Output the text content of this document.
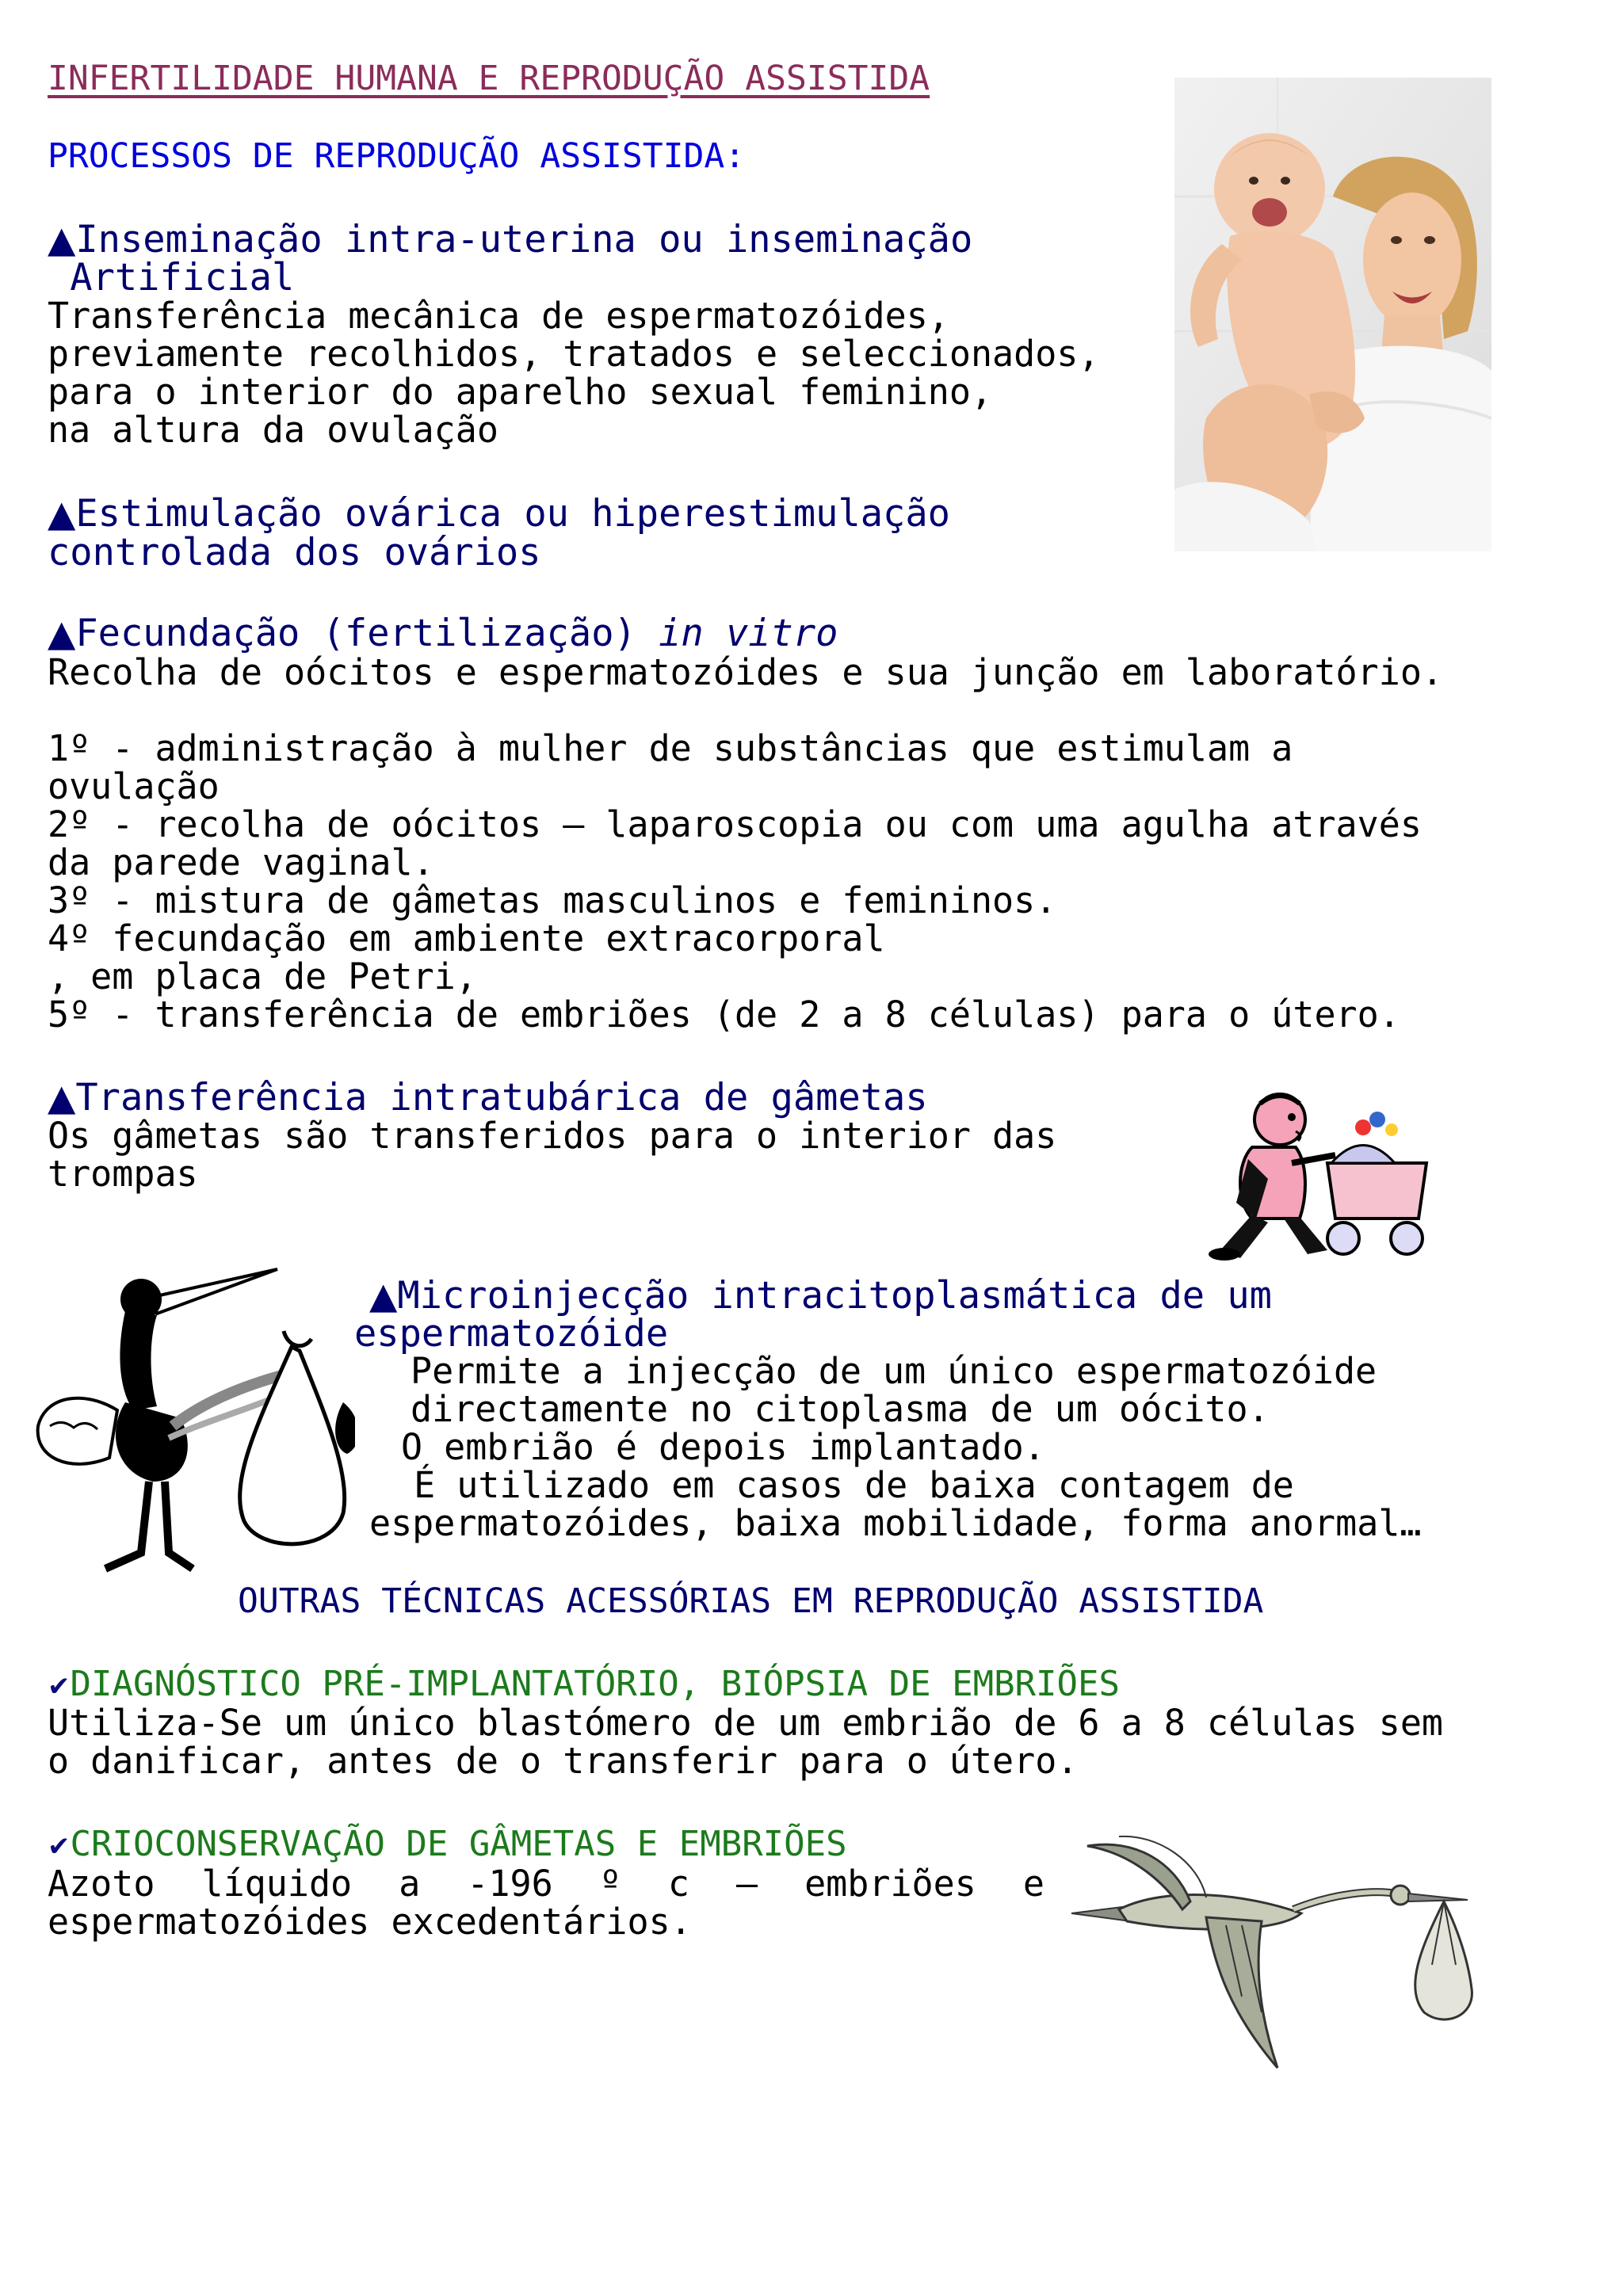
INFERTILIDADE HUMANA E REPRODUÇÃO ASSISTIDA
PROCESSOS DE REPRODUÇÃO ASSISTIDA:
▲Inseminação intra-uterina ou inseminação
Artificial
Transferência mecânica de espermatozóides,
previamente recolhidos, tratados e seleccionados,
para o interior do aparelho sexual feminino,
na altura da ovulação
▲Estimulação ovárica ou hiperestimulação
controlada dos ovários
▲Fecundação (fertilização) in vitro
Recolha de oócitos e espermatozóides e sua junção em laboratório.
1º - administração à mulher de substâncias que estimulam a
ovulação
2º - recolha de oócitos – laparoscopia ou com uma agulha através
da parede vaginal.
3º - mistura de gâmetas masculinos e femininos.
4º fecundação em ambiente extracorporal
, em placa de Petri,
5º - transferência de embriões (de 2 a 8 células) para o útero.
▲Transferência intratubárica de gâmetas
Os gâmetas são transferidos para o interior das
trompas
▲Microinjecção intracitoplasmática de um
espermatozóide
Permite a injecção de um único espermatozóide
directamente no citoplasma de um oócito.
O embrião é depois implantado.
É utilizado em casos de baixa contagem de
espermatozóides, baixa mobilidade, forma anormal…
OUTRAS TÉCNICAS ACESSÓRIAS EM REPRODUÇÃO ASSISTIDA
✔DIAGNÓSTICO PRÉ-IMPLANTATÓRIO, BIÓPSIA DE EMBRIÕES
Utiliza-Se um único blastómero de um embrião de 6 a 8 células sem
o danificar, antes de o transferir para o útero.
✔CRIOCONSERVAÇÃO DE GÂMETAS E EMBRIÕES
Azoto líquido a -196 º c – embriões e
espermatozóides excedentários.
